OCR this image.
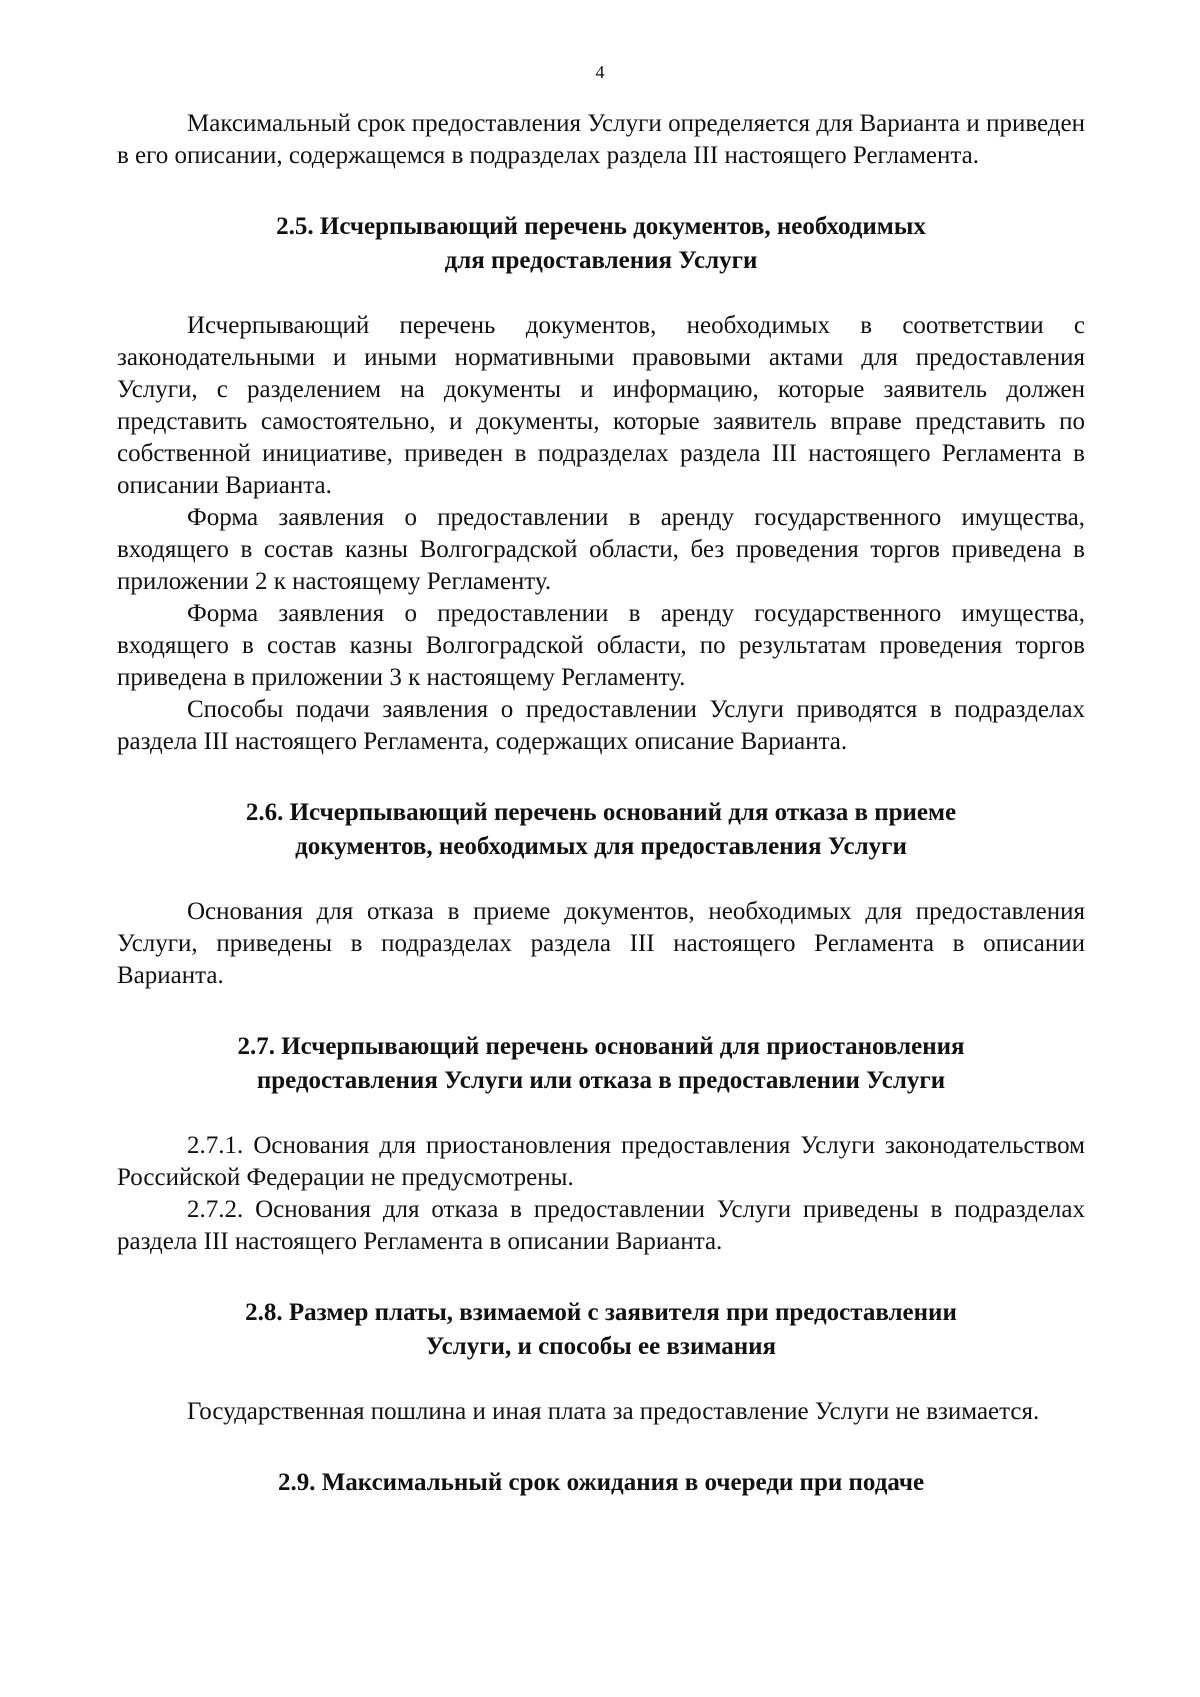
4

Максимальный срок предоставления Услуги определяется для Варианта и приведен в его описании, содержащемся в подразделах раздела III настоящего Регламента.

2.5. Исчерпывающий перечень документов, необходимых
для предоставления Услуги

Исчерпывающий перечень документов, необходимых в соответствии с законодательными и иными нормативными правовыми актами для предоставления Услуги, с разделением на документы и информацию, которые заявитель должен представить самостоятельно, и документы, которые заявитель вправе представить по собственной инициативе, приведен в подразделах раздела III настоящего Регламента в описании Варианта.

Форма заявления о предоставлении в аренду государственного имущества, входящего в состав казны Волгоградской области, без проведения торгов приведена в приложении 2 к настоящему Регламенту.

Форма заявления о предоставлении в аренду государственного имущества, входящего в состав казны Волгоградской области, по результатам проведения торгов приведена в приложении 3 к настоящему Регламенту.

Способы подачи заявления о предоставлении Услуги приводятся в подразделах раздела III настоящего Регламента, содержащих описание Варианта.

2.6. Исчерпывающий перечень оснований для отказа в приеме
документов, необходимых для предоставления Услуги

Основания для отказа в приеме документов, необходимых для предоставления Услуги, приведены в подразделах раздела III настоящего Регламента в описании Варианта.

2.7. Исчерпывающий перечень оснований для приостановления
предоставления Услуги или отказа в предоставлении Услуги

2.7.1. Основания для приостановления предоставления Услуги законодательством Российской Федерации не предусмотрены.

2.7.2. Основания для отказа в предоставлении Услуги приведены в подразделах раздела III настоящего Регламента в описании Варианта.

2.8. Размер платы, взимаемой с заявителя при предоставлении
Услуги, и способы ее взимания

Государственная пошлина и иная плата за предоставление Услуги не взимается.

2.9. Максимальный срок ожидания в очереди при подаче
